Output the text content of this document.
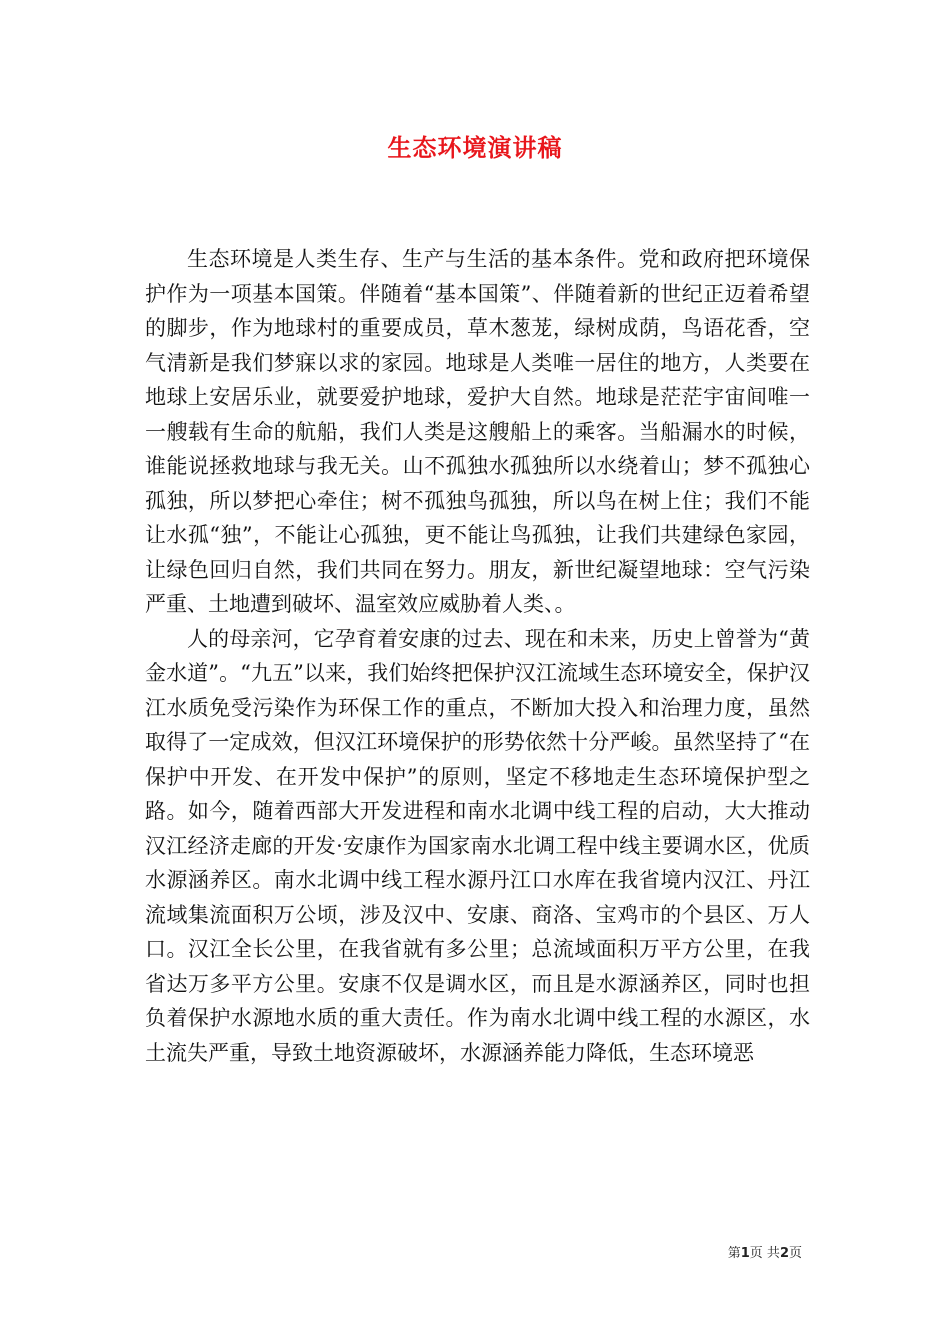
生态环境演讲稿

生态环境是人类生存、生产与生活的基本条件。党和政府把环境保护作为一项基本国策。伴随着“基本国策”、伴随着新的世纪正迈着希望的脚步，作为地球村的重要成员，草木葱茏，绿树成荫，鸟语花香，空气清新是我们梦寐以求的家园。地球是人类唯一居住的地方，人类要在地球上安居乐业，就要爱护地球，爱护大自然。地球是茫茫宇宙间唯一一艘载有生命的航船，我们人类是这艘船上的乘客。当船漏水的时候，谁能说拯救地球与我无关。山不孤独水孤独所以水绕着山；梦不孤独心孤独，所以梦把心牵住；树不孤独鸟孤独，所以鸟在树上住；我们不能让水孤“独”，不能让心孤独，更不能让鸟孤独，让我们共建绿色家园，让绿色回归自然，我们共同在努力。朋友，新世纪凝望地球：空气污染严重、土地遭到破坏、温室效应威胁着人类、。

人的母亲河，它孕育着安康的过去、现在和未来，历史上曾誉为“黄金水道”。“九五”以来，我们始终把保护汉江流域生态环境安全，保护汉江水质免受污染作为环保工作的重点，不断加大投入和治理力度，虽然取得了一定成效，但汉江环境保护的形势依然十分严峻。虽然坚持了“在保护中开发、在开发中保护”的原则，坚定不移地走生态环境保护型之路。如今，随着西部大开发进程和南水北调中线工程的启动，大大推动汉江经济走廊的开发·安康作为国家南水北调工程中线主要调水区，优质水源涵养区。南水北调中线工程水源丹江口水库在我省境内汉江、丹江流域集流面积万公顷，涉及汉中、安康、商洛、宝鸡市的个县区、万人口。汉江全长公里，在我省就有多公里；总流域面积万平方公里，在我省达万多平方公里。安康不仅是调水区，而且是水源涵养区，同时也担负着保护水源地水质的重大责任。作为南水北调中线工程的水源区，水土流失严重，导致土地资源破坏，水源涵养能力降低，生态环境恶

第1页 共2页
